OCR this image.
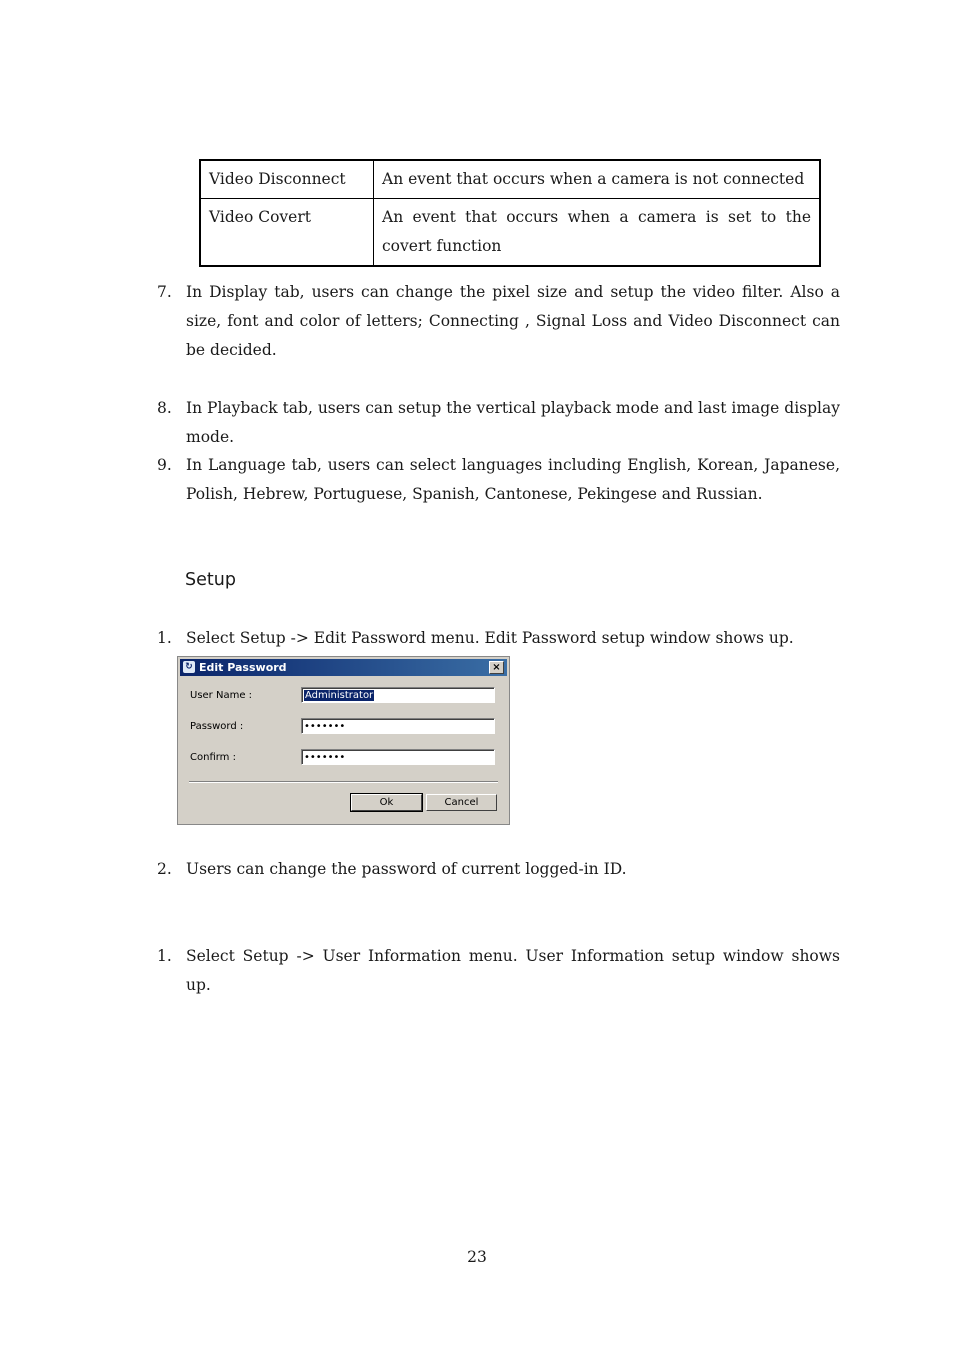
Video Disconnect	An event that occurs when a camera is not connected
Video Covert	An event that occurs when a camera is set to the covert function
7. In Display tab, users can change the pixel size and setup the video filter. Also a size, font and color of letters; Connecting , Signal Loss and Video Disconnect can be decided.
8. In Playback tab, users can setup the vertical playback mode and last image display mode.
9. In Language tab, users can select languages including English, Korean, Japanese, Polish, Hebrew, Portuguese, Spanish, Cantonese, Pekingese and Russian.
Setup
1. Select Setup -> Edit Password menu. Edit Password setup window shows up.
↻ Edit Password	×
User Name :	Administrator
Password :	•••••••
Confirm :	•••••••
Ok	Cancel
2. Users can change the password of current logged-in ID.
1. Select Setup -> User Information menu. User Information setup window shows up.
23
